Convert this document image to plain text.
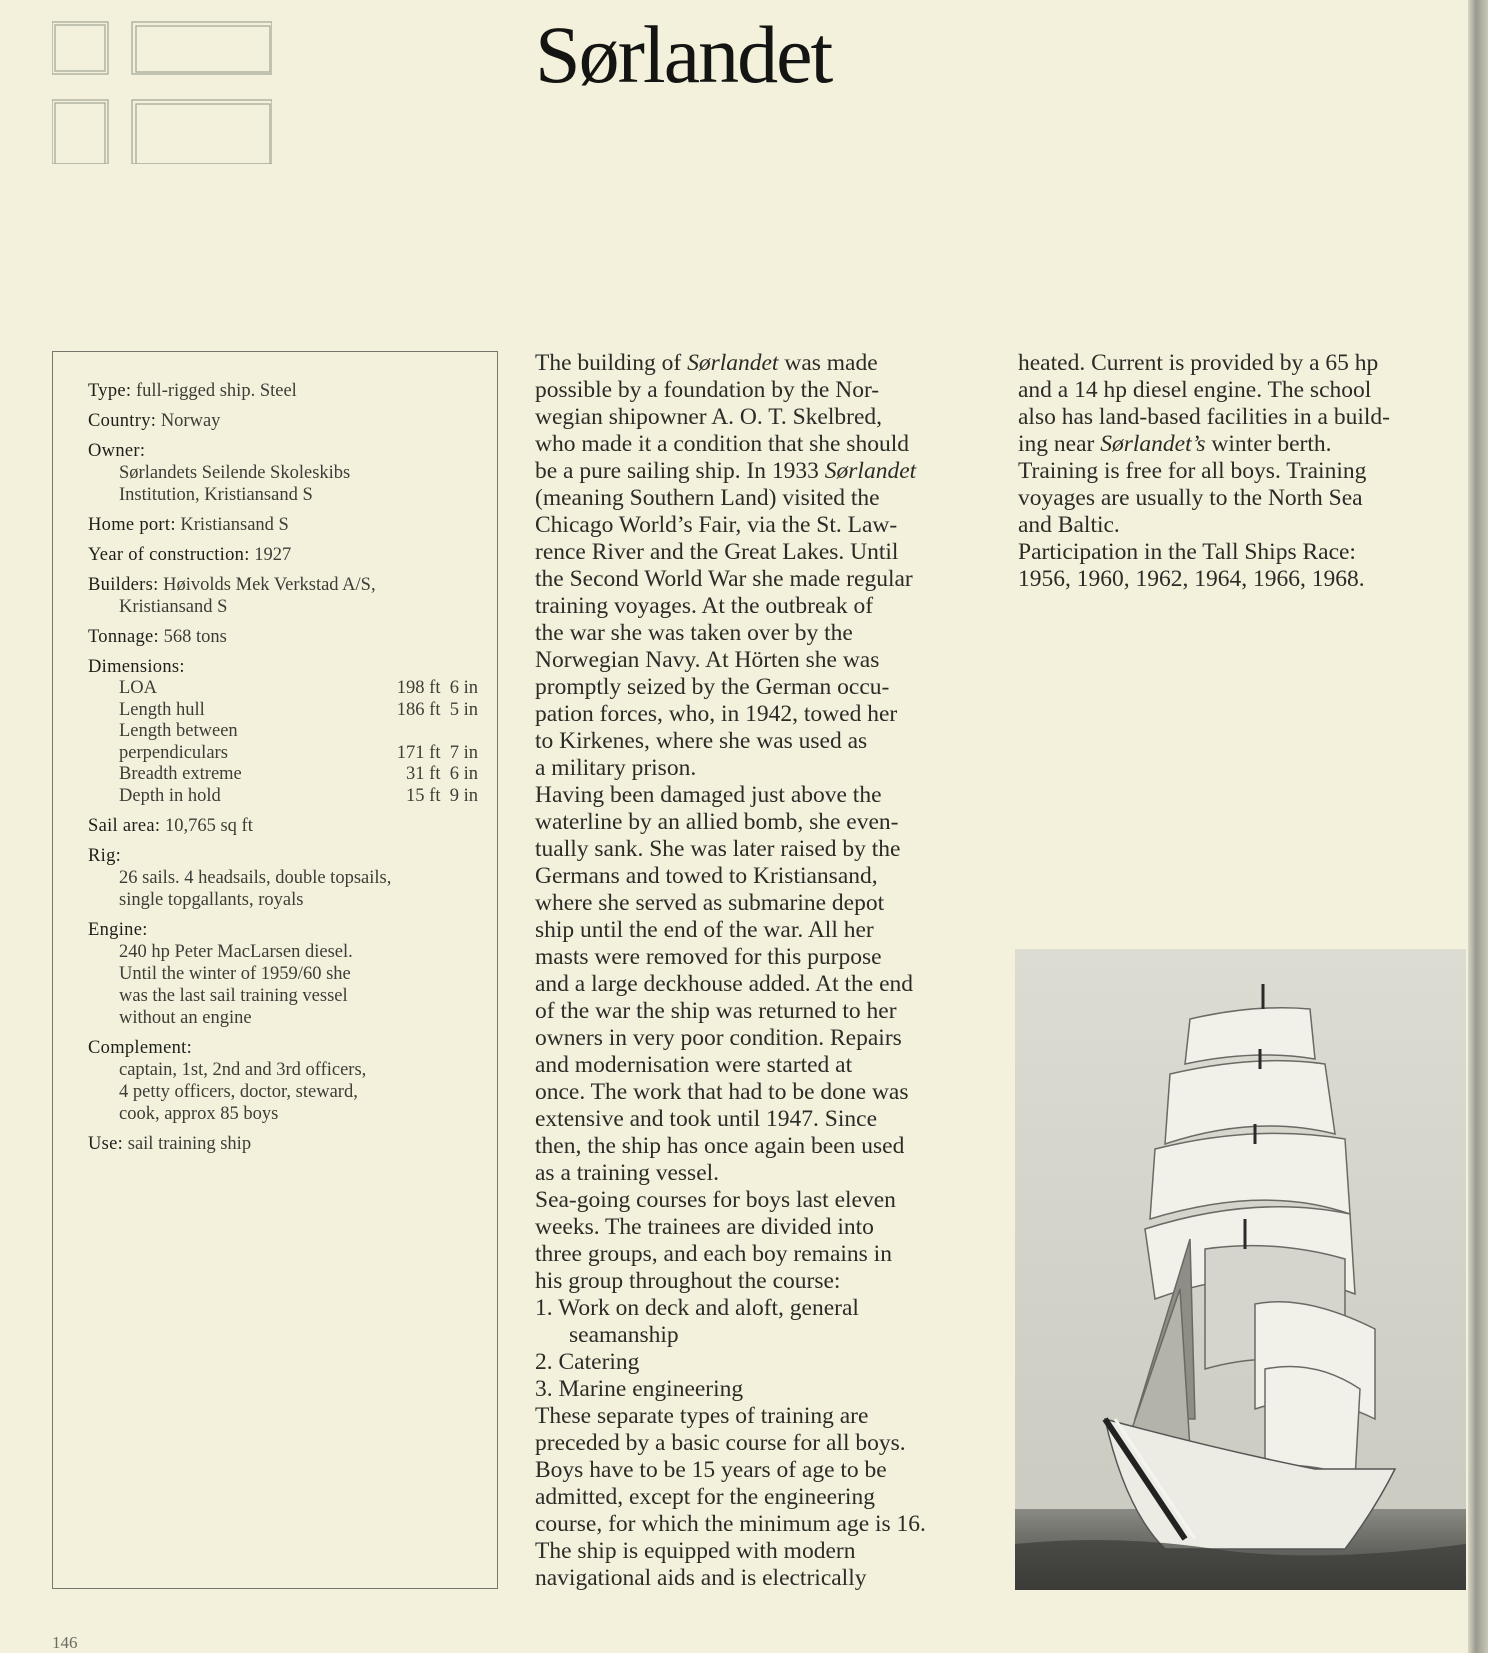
Sørlandet
Type: full-rigged ship. Steel
Country: Norway
Owner:
Sørlandets Seilende Skoleskibs
Institution, Kristiansand S
Home port: Kristiansand S
Year of construction: 1927
Builders: Høivolds Mek Verkstad A/S,
Kristiansand S
Tonnage: 568 tons
Dimensions:
LOA	198 ft  6 in
Length hull	186 ft  5 in
Length between
perpendiculars	171 ft  7 in
Breadth extreme	31 ft  6 in
Depth in hold	15 ft  9 in
Sail area: 10,765 sq ft
Rig:
26 sails. 4 headsails, double topsails,
single topgallants, royals
Engine:
240 hp Peter MacLarsen diesel.
Until the winter of 1959/60 she
was the last sail training vessel
without an engine
Complement:
captain, 1st, 2nd and 3rd officers,
4 petty officers, doctor, steward,
cook, approx 85 boys
Use: sail training ship
The building of Sørlandet was made
possible by a foundation by the Nor-
wegian shipowner A. O. T. Skelbred,
who made it a condition that she should
be a pure sailing ship. In 1933 Sørlandet
(meaning Southern Land) visited the
Chicago World’s Fair, via the St. Law-
rence River and the Great Lakes. Until
the Second World War she made regular
training voyages. At the outbreak of
the war she was taken over by the
Norwegian Navy. At Hörten she was
promptly seized by the German occu-
pation forces, who, in 1942, towed her
to Kirkenes, where she was used as
a military prison.
Having been damaged just above the
waterline by an allied bomb, she even-
tually sank. She was later raised by the
Germans and towed to Kristiansand,
where she served as submarine depot
ship until the end of the war. All her
masts were removed for this purpose
and a large deckhouse added. At the end
of the war the ship was returned to her
owners in very poor condition. Repairs
and modernisation were started at
once. The work that had to be done was
extensive and took until 1947. Since
then, the ship has once again been used
as a training vessel.
Sea-going courses for boys last eleven
weeks. The trainees are divided into
three groups, and each boy remains in
his group throughout the course:
1. Work on deck and aloft, general
seamanship
2. Catering
3. Marine engineering
These separate types of training are
preceded by a basic course for all boys.
Boys have to be 15 years of age to be
admitted, except for the engineering
course, for which the minimum age is 16.
The ship is equipped with modern
navigational aids and is electrically
heated. Current is provided by a 65 hp
and a 14 hp diesel engine. The school
also has land-based facilities in a build-
ing near Sørlandet’s winter berth.
Training is free for all boys. Training
voyages are usually to the North Sea
and Baltic.
Participation in the Tall Ships Race:
1956, 1960, 1962, 1964, 1966, 1968.
146
